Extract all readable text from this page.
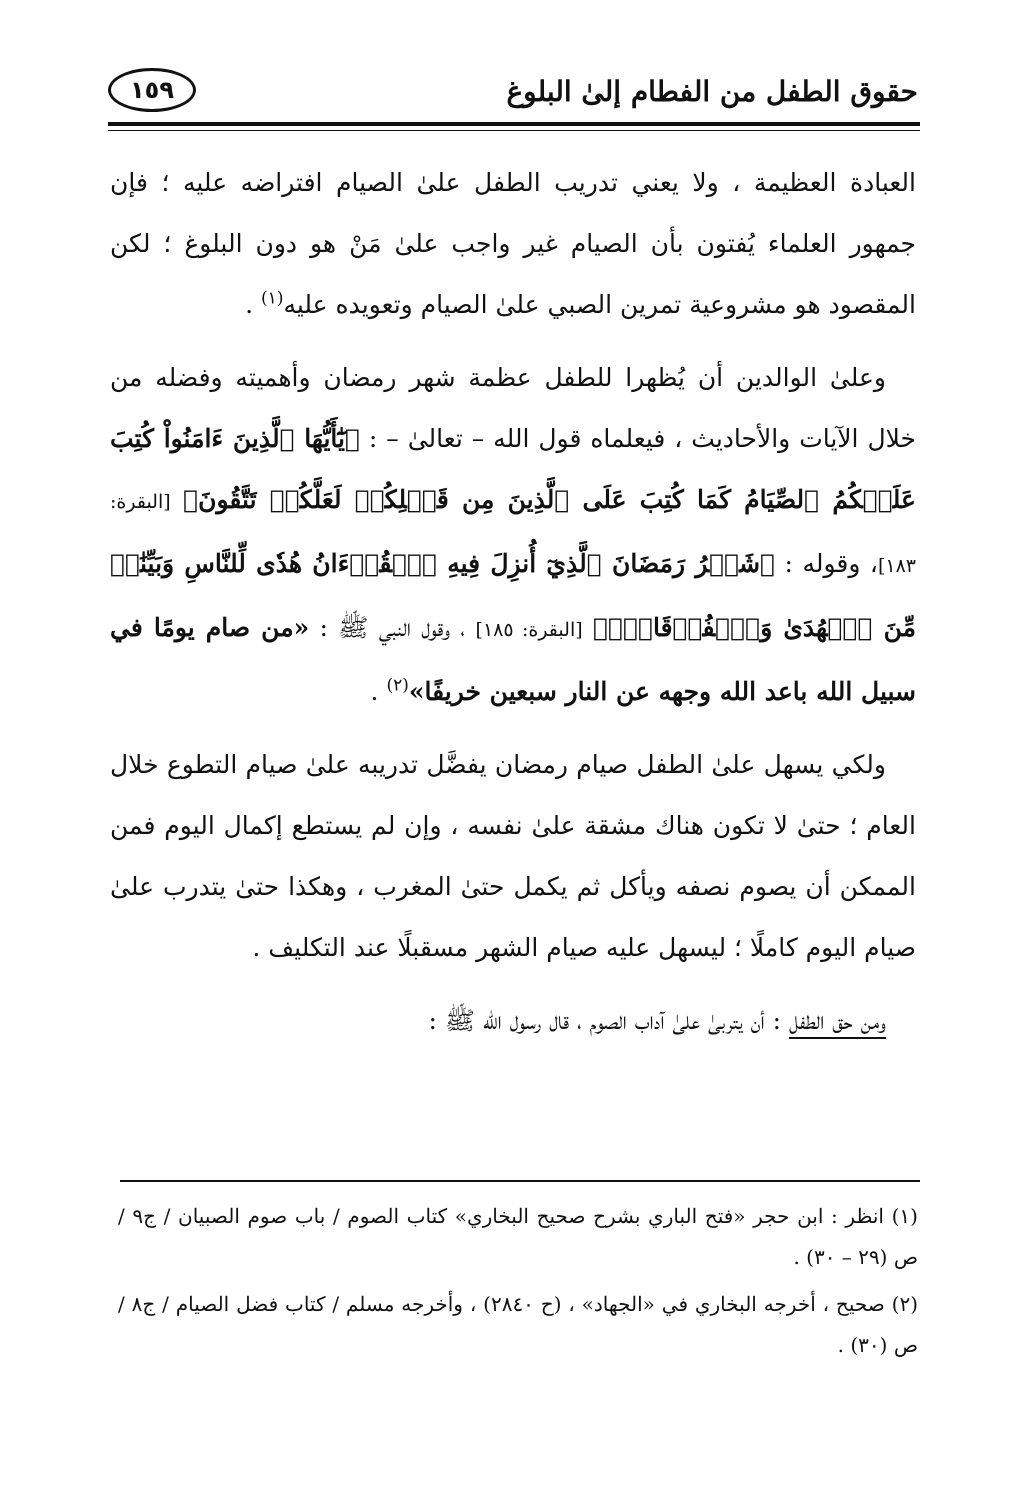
حقوق الطفل من الفطام إلىٰ البلوغ
١٥٩

العبادة العظيمة ، ولا يعني تدريب الطفل علىٰ الصيام افتراضه عليه ؛ فإن جمهور العلماء يُفتون بأن الصيام غير واجب علىٰ مَنْ هو دون البلوغ ؛ لكن المقصود هو مشروعية تمرين الصبي علىٰ الصيام وتعويده عليه$^{(١)}$ .

وعلىٰ الوالدين أن يُظهرا للطفل عظمة شهر رمضان وأهميته وفضله من خلال الآيات والأحاديث ، فيعلماه قول الله – تعالىٰ – : ﴿يَٰٓأَيُّهَا ٱلَّذِينَ ءَامَنُواْ كُتِبَ عَلَيۡكُمُ ٱلصِّيَامُ كَمَا كُتِبَ عَلَى ٱلَّذِينَ مِن قَبۡلِكُمۡ لَعَلَّكُمۡ تَتَّقُونَ﴾ [البقرة: ١٨٣]، وقوله : ﴿شَهۡرُ رَمَضَانَ ٱلَّذِيٓ أُنزِلَ فِيهِ ٱلۡقُرۡءَانُ هُدٗى لِّلنَّاسِ وَبَيِّنَٰتٖ مِّنَ ٱلۡهُدَىٰ وَٱلۡفُرۡقَانِۚ﴾ [البقرة: ١٨٥] ، وقول النبي ﷺ : «من صام يومًا في سبيل الله باعد الله وجهه عن النار سبعين خريفًا»$^{(٢)}$ .

ولكي يسهل علىٰ الطفل صيام رمضان يفضَّل تدريبه علىٰ صيام التطوع خلال العام ؛ حتىٰ لا تكون هناك مشقة علىٰ نفسه ، وإن لم يستطع إكمال اليوم فمن الممكن أن يصوم نصفه ويأكل ثم يكمل حتىٰ المغرب ، وهكذا حتىٰ يتدرب علىٰ صيام اليوم كاملًا ؛ ليسهل عليه صيام الشهر مسقبلًا عند التكليف .

ومن حق الطفل : أن يتربىٰ علىٰ آداب الصوم ، قال رسول الله ﷺ :

(١) انظر : ابن حجر «فتح الباري بشرح صحيح البخاري» كتاب الصوم / باب صوم الصبيان / ج٩ / ص (٢٩ – ٣٠) .

(٢) صحيح ، أخرجه البخاري في «الجهاد» ، (ح ٢٨٤٠) ، وأخرجه مسلم / كتاب فضل الصيام / ج٨ / ص (٣٠) .
